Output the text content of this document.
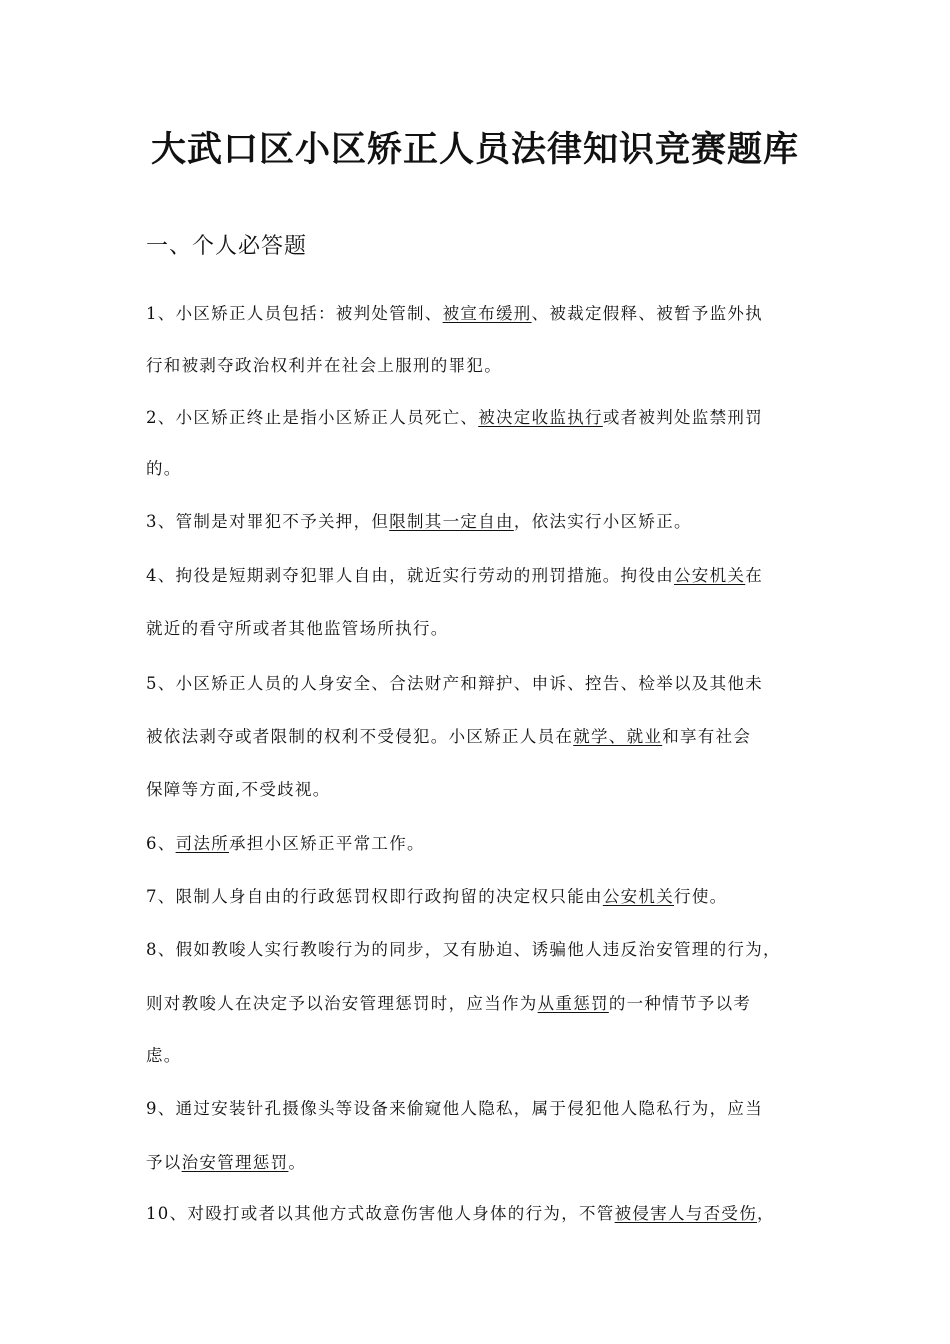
大武口区小区矫正人员法律知识竞赛题库
一、个人必答题
1、小区矫正人员包括：被判处管制、被宣布缓刑、被裁定假释、被暂予监外执
行和被剥夺政治权利并在社会上服刑的罪犯。
2、小区矫正终止是指小区矫正人员死亡、被决定收监执行或者被判处监禁刑罚
的。
3、管制是对罪犯不予关押，但限制其一定自由，依法实行小区矫正。
4、拘役是短期剥夺犯罪人自由，就近实行劳动的刑罚措施。拘役由公安机关在
就近的看守所或者其他监管场所执行。
5、小区矫正人员的人身安全、合法财产和辩护、申诉、控告、检举以及其他未
被依法剥夺或者限制的权利不受侵犯。小区矫正人员在就学、就业和享有社会
保障等方面,不受歧视。
6、司法所承担小区矫正平常工作。
7、限制人身自由的行政惩罚权即行政拘留的决定权只能由公安机关行使。
8、假如教唆人实行教唆行为的同步，又有胁迫、诱骗他人违反治安管理的行为，
则对教唆人在决定予以治安管理惩罚时，应当作为从重惩罚的一种情节予以考
虑。
9、通过安装针孔摄像头等设备来偷窥他人隐私，属于侵犯他人隐私行为，应当
予以治安管理惩罚。
10、对殴打或者以其他方式故意伤害他人身体的行为，不管被侵害人与否受伤，
